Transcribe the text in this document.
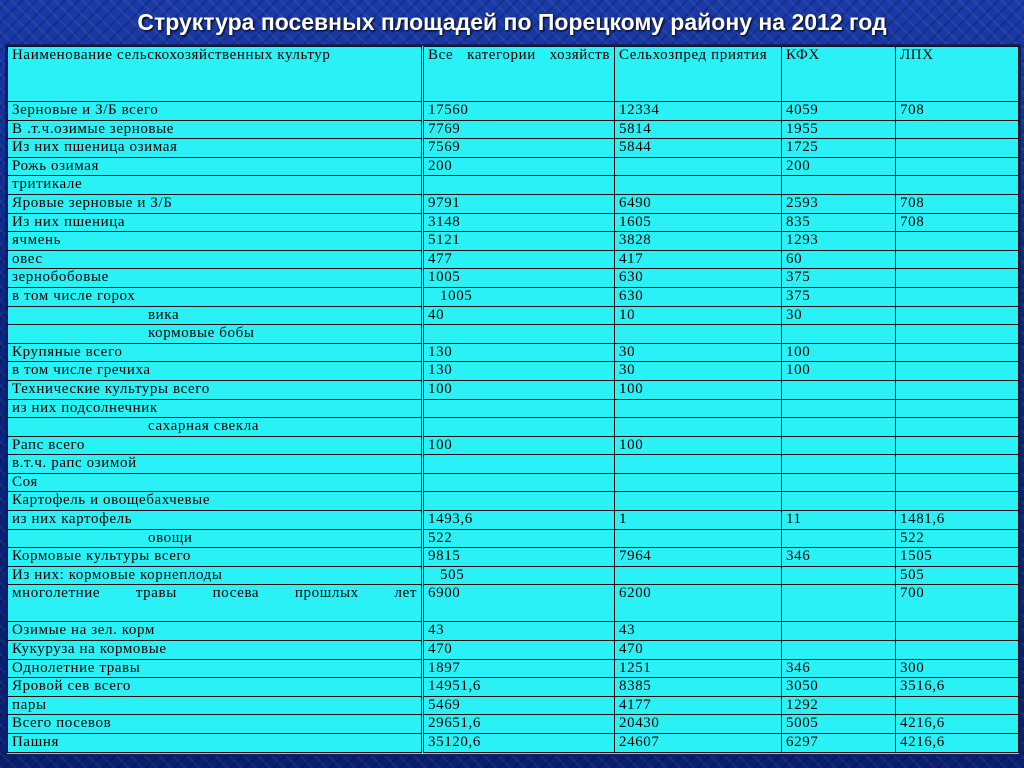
Структура посевных площадей по Порецкому району на 2012 год
Наименование сельскохозяйственных культур	Все категории хозяйств	Сельхозпред приятия	КФХ	ЛПХ
Зерновые и З/Б всего	17560	12334	4059	708
В .т.ч.озимые зерновые	7769	5814	1955	
Из них пшеница озимая	7569	5844	1725	
Рожь озимая	200		200	
тритикале				
Яровые зерновые и З/Б	9791	6490	2593	708
Из них пшеница	3148	1605	835	708
ячмень	5121	3828	1293	
овес	477	417	60	
зернобобовые	1005	630	375	
в том числе горох	1005	630	375	
вика	40	10	30	
кормовые бобы				
Крупяные всего	130	30	100	
в том числе гречиха	130	30	100	
Технические культуры всего	100	100		
из них подсолнечник				
сахарная свекла				
Рапс всего	100	100		
в.т.ч. рапс озимой				
Соя				
Картофель и овощебахчевые				
из них картофель	1493,6	1	11	1481,6
овощи	522			522
Кормовые культуры всего	9815	7964	346	1505
Из них: кормовые корнеплоды	505			505
многолетние травы посева прошлых лет	6900	6200		700
Озимые на зел. корм	43	43		
Кукуруза на кормовые	470	470		
Однолетние травы	1897	1251	346	300
Яровой сев всего	14951,6	8385	3050	3516,6
пары	5469	4177	1292	
Всего посевов	29651,6	20430	5005	4216,6
Пашня	35120,6	24607	6297	4216,6
